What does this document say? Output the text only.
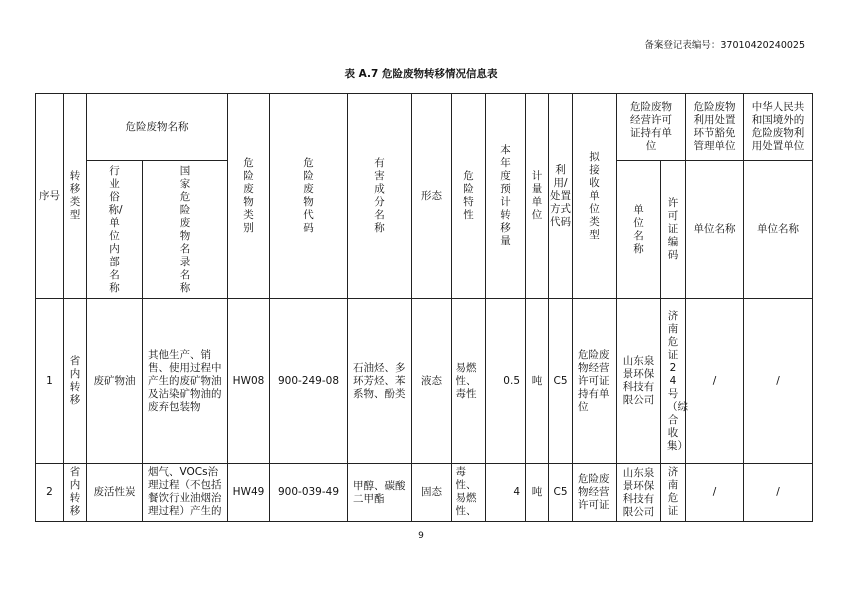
备案登记表编号：37010420240025
表 A.7 危险废物转移情况信息表
序号	转移类型	危险废物名称		危险废物类别	危险废物代码	有害成分名称	形态	危险特性	本年度预计转移量	计量单位	利用/处置方式代码	拟接收单位类型	危险废物经营许可证持有单位		危险废物利用处置环节豁免管理单位	中华人民共和国境外的危险废物利用处置单位

		行业俗称/单位内部名称	国家危险废物名录名称										单位名称	许可证编码	单位名称	单位名称
1	省内转移	废矿物油	其他生产、销售、使用过程中产生的废矿物油及沾染矿物油的废弃包装物	HW08	900-249-08	石油烃、多环芳烃、苯系物、酚类	液态	易燃性、毒性	0.5	吨	C5	危险废物经营许可证持有单位	山东泉景环保科技有限公司	济南危证24号（综合收集）	/	/
2	省内转移	废活性炭	烟气、VOCs治理过程（不包括餐饮行业油烟治理过程）产生的	HW49	900-039-49	甲醇、碳酸二甲酯	固态	毒性、易燃性、	4	吨	C5	危险废物经营许可证	山东泉景环保科技有限公司	济南危证	/	/
9
